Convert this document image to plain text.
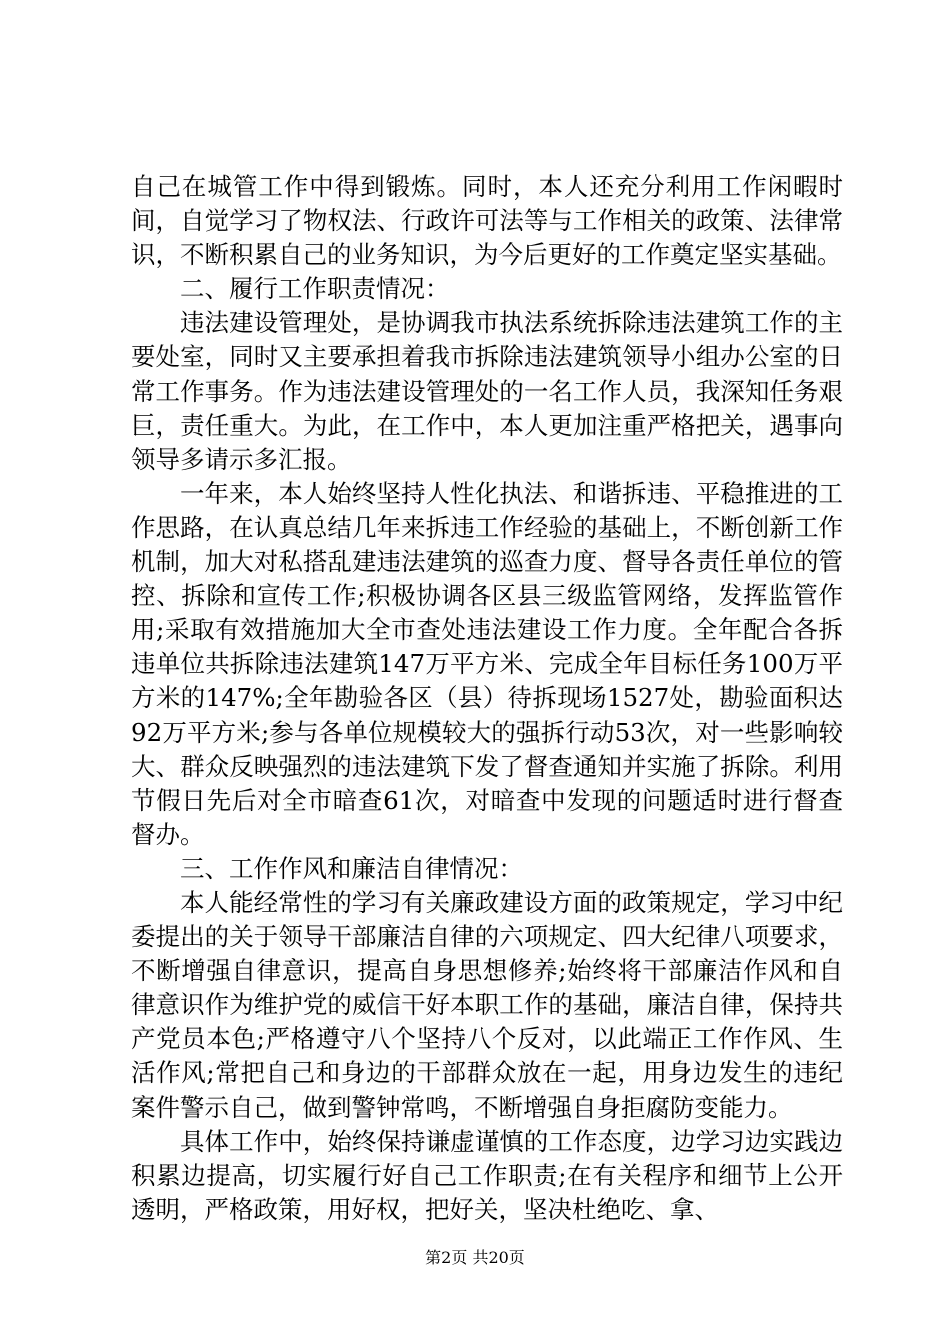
自己在城管工作中得到锻炼。同时，本人还充分利用工作闲暇时间，自觉学习了物权法、行政许可法等与工作相关的政策、法律常识，不断积累自己的业务知识，为今后更好的工作奠定坚实基础。

二、履行工作职责情况：

违法建设管理处，是协调我市执法系统拆除违法建筑工作的主要处室，同时又主要承担着我市拆除违法建筑领导小组办公室的日常工作事务。作为违法建设管理处的一名工作人员，我深知任务艰巨，责任重大。为此，在工作中，本人更加注重严格把关，遇事向领导多请示多汇报。

一年来，本人始终坚持人性化执法、和谐拆违、平稳推进的工作思路，在认真总结几年来拆违工作经验的基础上，不断创新工作机制，加大对私搭乱建违法建筑的巡查力度、督导各责任单位的管控、拆除和宣传工作;积极协调各区县三级监管网络，发挥监管作用;采取有效措施加大全市查处违法建设工作力度。全年配合各拆违单位共拆除违法建筑147万平方米、完成全年目标任务100万平方米的147%;全年勘验各区（县）待拆现场1527处，勘验面积达92万平方米;参与各单位规模较大的强拆行动53次，对一些影响较大、群众反映强烈的违法建筑下发了督查通知并实施了拆除。利用节假日先后对全市暗查61次，对暗查中发现的问题适时进行督查督办。

三、工作作风和廉洁自律情况：

本人能经常性的学习有关廉政建设方面的政策规定，学习中纪委提出的关于领导干部廉洁自律的六项规定、四大纪律八项要求，不断增强自律意识，提高自身思想修养;始终将干部廉洁作风和自律意识作为维护党的威信干好本职工作的基础，廉洁自律，保持共产党员本色;严格遵守八个坚持八个反对，以此端正工作作风、生活作风;常把自己和身边的干部群众放在一起，用身边发生的违纪案件警示自己，做到警钟常鸣，不断增强自身拒腐防变能力。

具体工作中，始终保持谦虚谨慎的工作态度，边学习边实践边积累边提高，切实履行好自己工作职责;在有关程序和细节上公开透明，严格政策，用好权，把好关，坚决杜绝吃、拿、

第2页 共20页
